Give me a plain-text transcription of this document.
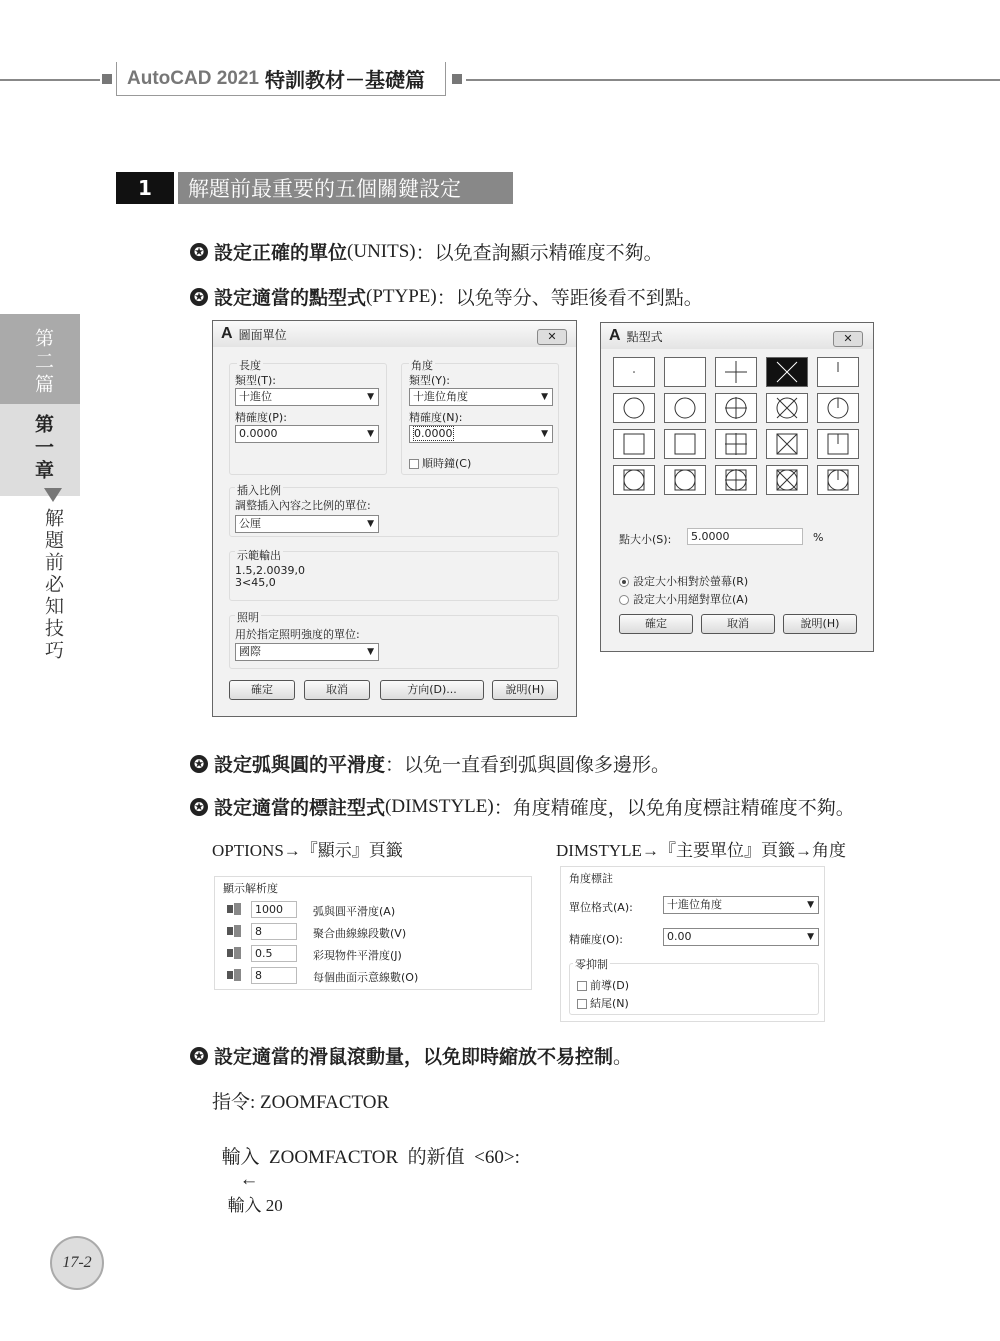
AutoCAD 2021 特訓教材－基礎篇
1	解題前最重要的五個關鍵設定
第二篇
第一章
解題前必知技巧
✪ 設定正確的單位 (UNITS) ：以免查詢顯示精確度不夠。
✪ 設定適當的點型式 (PTYPE) ：以免等分、等距後看不到點。
A 圖面單位	✕
長度
類型(T):
十進位	▼
精確度(P):
0.0000	▼
角度
類型(Y):
十進位角度	▼
精確度(N):
0.0000	▼
順時鐘(C)
插入比例
調整插入內容之比例的單位:
公厘	▼
示範輸出
1.5,2.0039,0
3<45,0
照明
用於指定照明強度的單位:
國際	▼
確定	取消	方向(D)...	說明(H)
A 點型式	✕
點大小(S):	5.0000	%
設定大小相對於螢幕(R)
設定大小用絕對單位(A)
確定	取消	說明(H)
✪ 設定弧與圓的平滑度 ：以免一直看到弧與圓像多邊形。
✪ 設定適當的標註型式 (DIMSTYLE) ：角度精確度，以免角度標註精確度不夠。
OPTIONS→『顯示』頁籤	DIMSTYLE→『主要單位』頁籤→角度
顯示解析度
1000	弧與圓平滑度(A)
8	聚合曲線線段數(V)
0.5	彩現物件平滑度(J)
8	每個曲面示意線數(O)
角度標註
單位格式(A):	十進位角度	▼
精確度(O):	0.00	▼
零抑制
前導(D)
結尾(N)
✪ 設定適當的滑鼠滾動量，以免即時縮放不易控制 。
指令: ZOOMFACTOR

輸入  ZOOMFACTOR  的新值  <60>:
←
輸入 20

17-2
